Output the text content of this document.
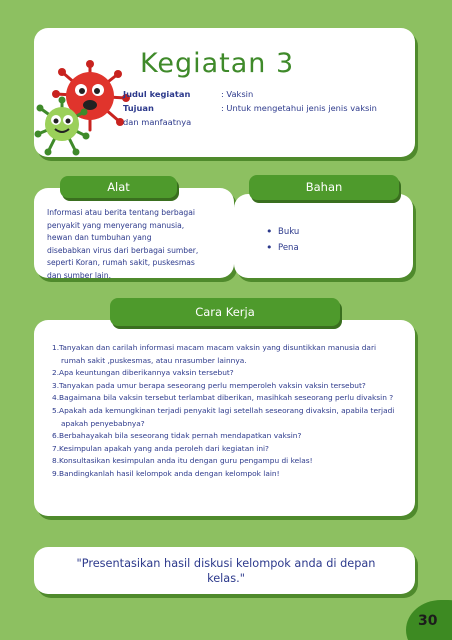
Kegiatan 3
Judul kegiatan	: Vaksin
Tujuan	: Untuk mengetahui jenis jenis vaksin
dan manfaatnya
Alat
Informasi atau berita tentang berbagai
penyakit yang menyerang manusia,
hewan dan tumbuhan yang
disebabkan virus dari berbagai sumber,
seperti Koran, rumah sakit, puskesmas
dan sumber lain.
Bahan
• Buku
• Pena
Cara Kerja
1.Tanyakan dan carilah informasi macam macam vaksin yang disuntikkan manusia dari rumah sakit ,puskesmas, atau nrasumber lainnya.
2.Apa keuntungan diberikannya vaksin tersebut?
3.Tanyakan pada umur berapa seseorang perlu memperoleh vaksin vaksin tersebut?
4.Bagaimana bila vaksin tersebut terlambat diberikan, masihkah seseorang perlu divaksin ?
5.Apakah ada kemungkinan terjadi penyakit lagi setellah seseorang divaksin, apabila terjadi apakah penyebabnya?
6.Berbahayakah bila seseorang tidak pernah mendapatkan vaksin?
7.Kesimpulan apakah yang anda peroleh dari kegiatan ini?
8.Konsultasikan kesimpulan anda itu dengan guru pengampu di kelas!
9.Bandingkanlah hasil kelompok anda dengan kelompok lain!
"Presentasikan hasil diskusi kelompok anda di depan kelas."
30
